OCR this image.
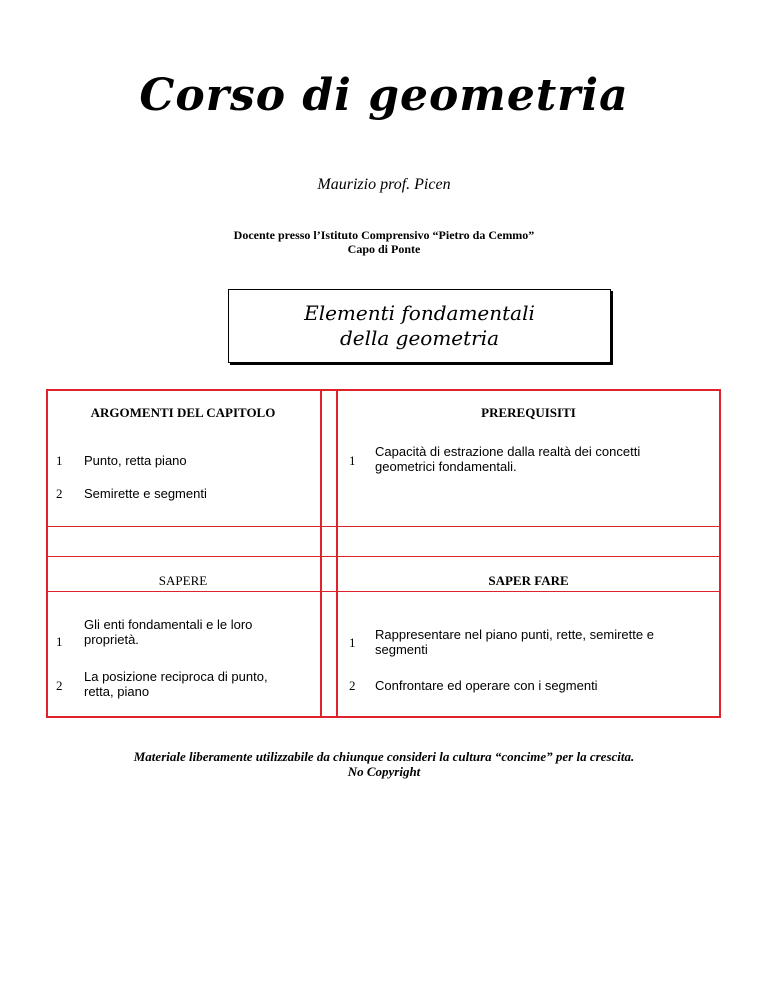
Corso di geometria
Maurizio prof. Picen
Docente presso l’Istituto Comprensivo “Pietro da Cemmo”
Capo di Ponte
Elementi fondamentali
della geometria
ARGOMENTI DEL CAPITOLO
1 Punto, retta piano
2 Semirette e segmenti
PREREQUISITI
1
Capacità di estrazione dalla realtà dei concetti
geometrici fondamentali.
SAPERE
1
Gli enti fondamentali e le loro
proprietà.
2
La posizione reciproca di punto,
retta, piano
SAPER FARE
1
Rappresentare nel piano punti, rette, semirette e
segmenti
2 Confrontare ed operare con i segmenti
Materiale liberamente utilizzabile da chiunque consideri la cultura “concime” per la crescita.
No Copyright
